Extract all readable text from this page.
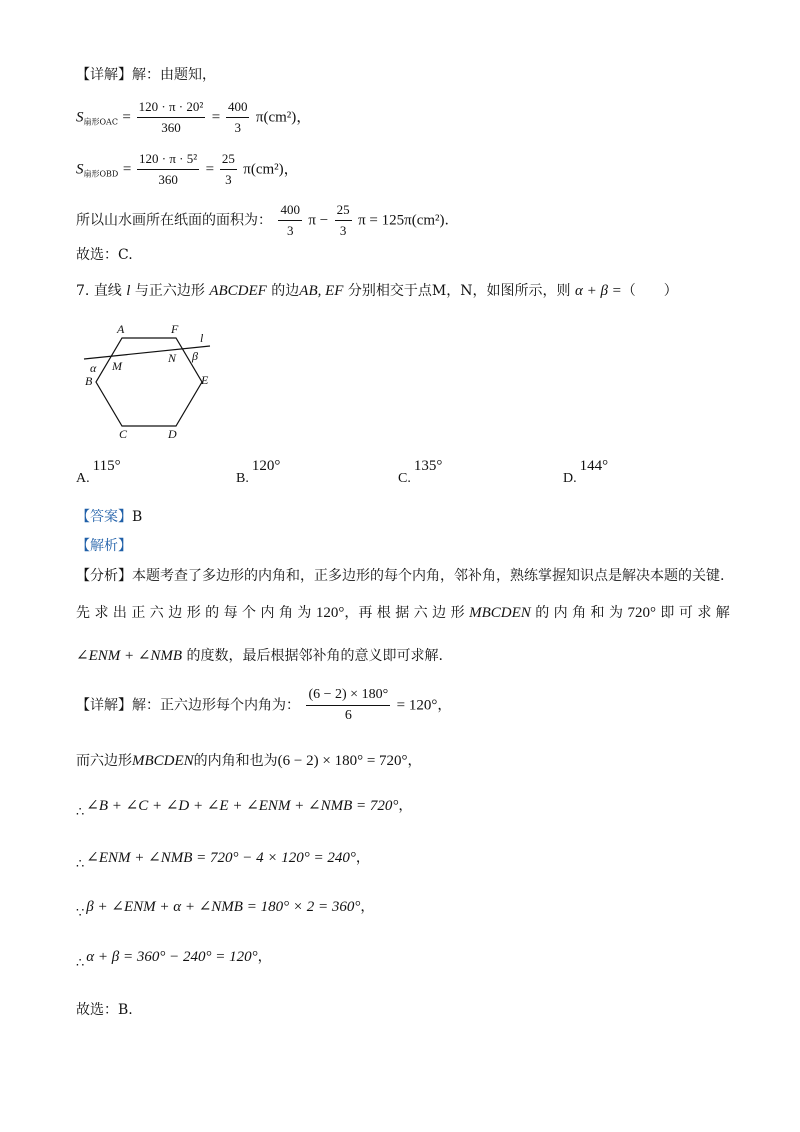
【详解】解：由题知，
$S_{扇形OAC} = \frac{\text{120 · π · 20²}}{360} = \frac{400}{3} \pi(cm^2)$，
$S_{扇形OBD} = \frac{\text{120 · π · 5²}}{360} = \frac{25}{3} \pi(cm^2)$，
所以山水画所在纸面的面积为： $\frac{400}{3}$ $\pi - \frac{25}{3}$ π = 125π(cm²).
故选：C.
7. 直线 l 与正六边形 ABCDEF 的边AB, EF 分别相交于点M，N，如图所示，则 α + β =（　　）
A	F
l
N β
α M
B	E
C	D
A.115°
B.120°
C.135°
D.144°
【答案】B
【解析】
【分析】本题考查了多边形的内角和，正多边形的每个内角，邻补角，熟练掌握知识点是解决本题的关键.
先 求 出 正 六 边 形 的 每 个 内 角 为 120°，再 根 据 六 边 形 MBCDEN 的 内 角 和 为 720° 即 可 求 解
∠ENM + ∠NMB 的度数，最后根据邻补角的意义即可求解.
【详解】解：正六边形每个内角为： $\frac{(6 - 2) \times 180^\circ}{6} = 120^\circ$，
而六边形MBCDEN的内角和也为(6 − 2) × 180° = 720°，
∴ ∠B + ∠C + ∠D + ∠E + ∠ENM + ∠NMB = 720°，
∴ ∠ENM + ∠NMB = 720° − 4 × 120° = 240°，
∵ β + ∠ENM + α + ∠NMB = 180° × 2 = 360°，
∴ α + β = 360° − 240° = 120°，
故选：B.
